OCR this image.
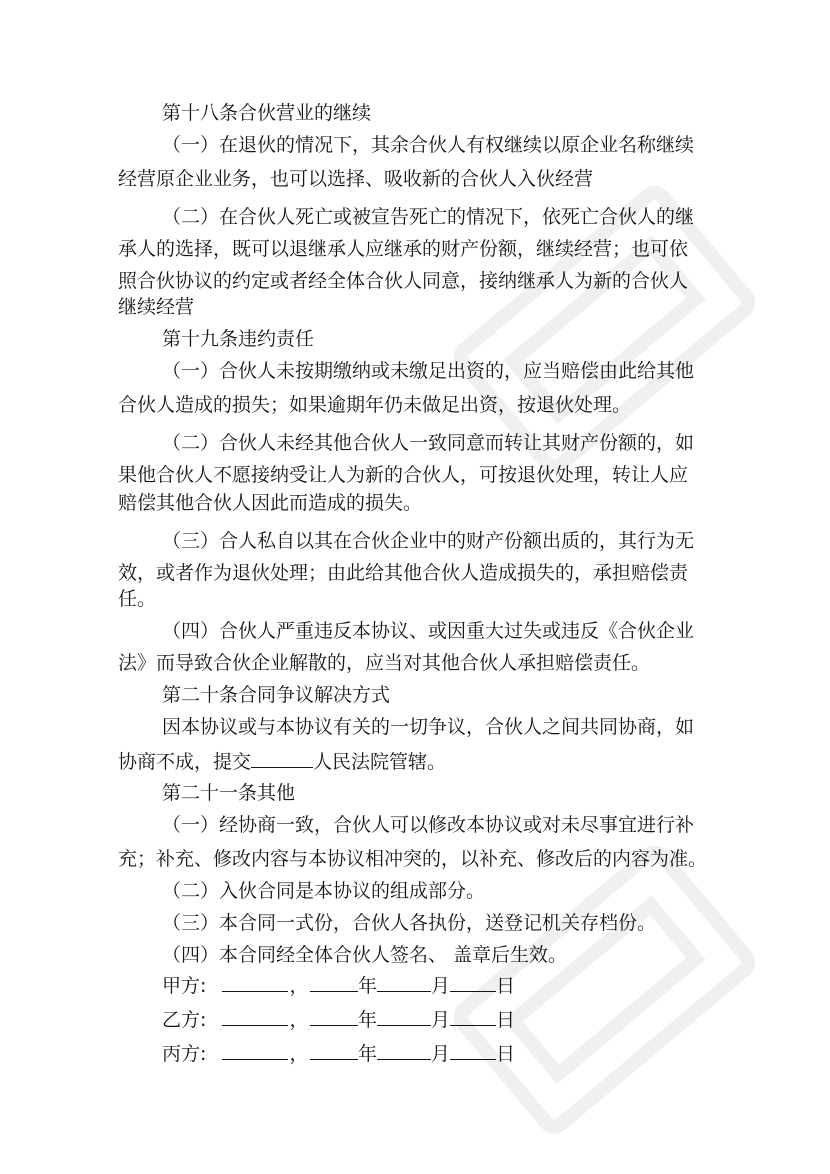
第十八条合伙营业的继续
（一）在退伙的情况下，其余合伙人有权继续以原企业名称继续
经营原企业业务，也可以选择、吸收新的合伙人入伙经营
（二）在合伙人死亡或被宣告死亡的情况下，依死亡合伙人的继
承人的选择，既可以退继承人应继承的财产份额，继续经营；也可依
照合伙协议的约定或者经全体合伙人同意，接纳继承人为新的合伙人
继续经营
第十九条违约责任
（一）合伙人未按期缴纳或未缴足出资的，应当赔偿由此给其他
合伙人造成的损失；如果逾期年仍未做足出资，按退伙处理。
（二）合伙人未经其他合伙人一致同意而转让其财产份额的，如
果他合伙人不愿接纳受让人为新的合伙人，可按退伙处理，转让人应
赔偿其他合伙人因此而造成的损失。
（三）合人私自以其在合伙企业中的财产份额出质的，其行为无
效，或者作为退伙处理；由此给其他合伙人造成损失的，承担赔偿责
任。
（四）合伙人严重违反本协议、或因重大过失或违反《合伙企业
法》而导致合伙企业解散的，应当对其他合伙人承担赔偿责任。
第二十条合同争议解决方式
因本协议或与本协议有关的一切争议，合伙人之间共同协商，如
协商不成，提交	人民法院管辖。
第二十一条其他
（一）经协商一致，合伙人可以修改本协议或对未尽事宜进行补
充；补充、修改内容与本协议相冲突的，以补充、修改后的内容为准。
（二）入伙合同是本协议的组成部分。
（三）本合同一式份，合伙人各执份，送登记机关存档份。
（四）本合同经全体合伙人签名、 盖章后生效。
甲方:	，	年	月 日
乙方:	，	年	月 日
丙方:	，	年	月 日
